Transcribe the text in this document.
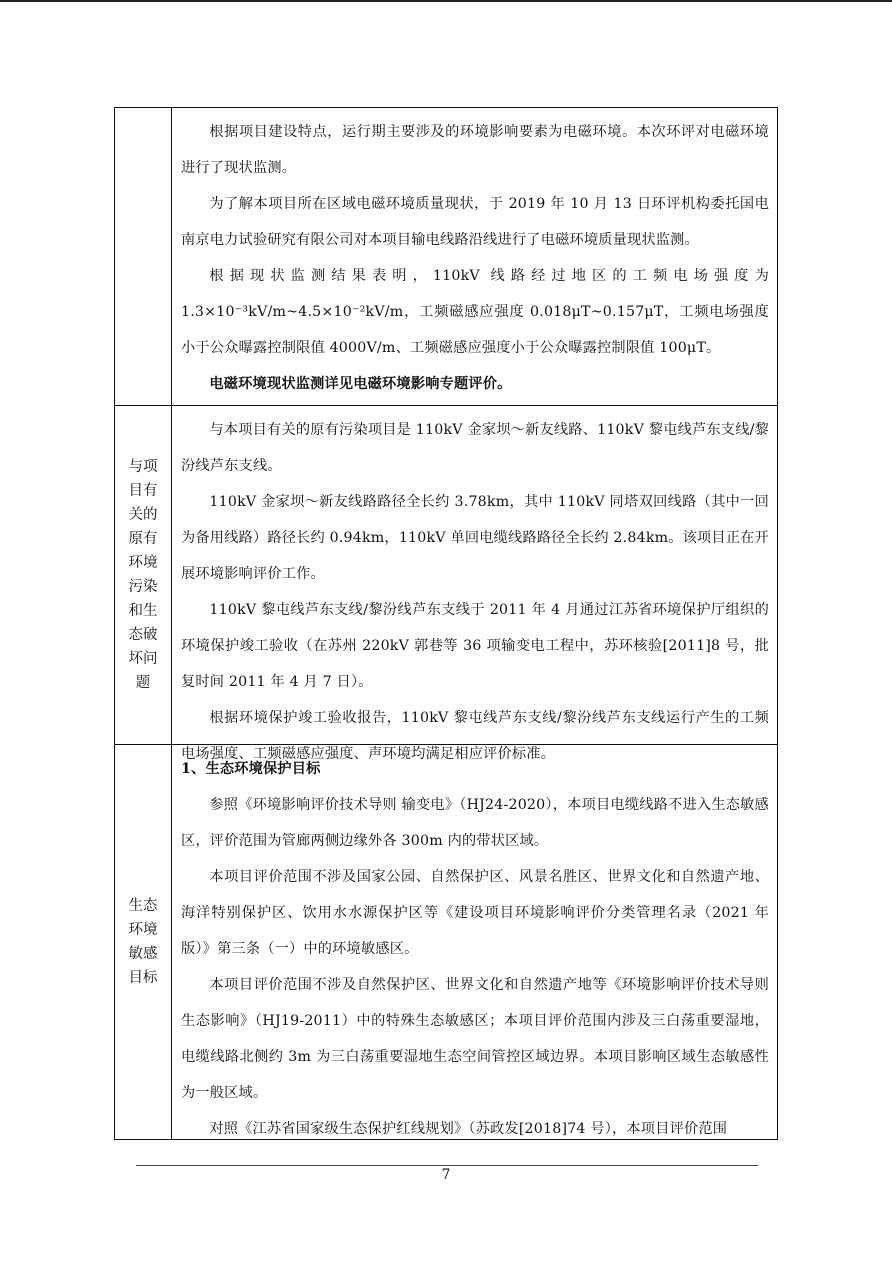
根据项目建设特点，运行期主要涉及的环境影响要素为电磁环境。本次环评对电磁环境进行了现状监测。

为了解本项目所在区域电磁环境质量现状，于 2019 年 10 月 13 日环评机构委托国电南京电力试验研究有限公司对本项目输电线路沿线进行了电磁环境质量现状监测。

根据现状监测结果表明，110kV 线路经过地区的工频电场强度为 1.3×10⁻³kV/m~4.5×10⁻²kV/m，工频磁感应强度 0.018μT~0.157μT，工频电场强度小于公众曝露控制限值 4000V/m、工频磁感应强度小于公众曝露控制限值 100μT。

电磁环境现状监测详见电磁环境影响专题评价。

与项目有关的原有环境污染和生态破坏问题

与本项目有关的原有污染项目是 110kV 金家坝～新友线路、110kV 黎屯线芦东支线/黎汾线芦东支线。

110kV 金家坝～新友线路路径全长约 3.78km，其中 110kV 同塔双回线路（其中一回为备用线路）路径长约 0.94km，110kV 单回电缆线路路径全长约 2.84km。该项目正在开展环境影响评价工作。

110kV 黎屯线芦东支线/黎汾线芦东支线于 2011 年 4 月通过江苏省环境保护厅组织的环境保护竣工验收（在苏州 220kV 郭巷等 36 项输变电工程中，苏环核验[2011]8 号，批复时间 2011 年 4 月 7 日）。

根据环境保护竣工验收报告，110kV 黎屯线芦东支线/黎汾线芦东支线运行产生的工频电场强度、工频磁感应强度、声环境均满足相应评价标准。

生态环境敏感目标

1、生态环境保护目标

参照《环境影响评价技术导则 输变电》（HJ24-2020），本项目电缆线路不进入生态敏感区，评价范围为管廊两侧边缘外各 300m 内的带状区域。

本项目评价范围不涉及国家公园、自然保护区、风景名胜区、世界文化和自然遗产地、海洋特别保护区、饮用水水源保护区等《建设项目环境影响评价分类管理名录（2021 年版）》第三条（一）中的环境敏感区。

本项目评价范围不涉及自然保护区、世界文化和自然遗产地等《环境影响评价技术导则 生态影响》（HJ19-2011）中的特殊生态敏感区；本项目评价范围内涉及三白荡重要湿地，电缆线路北侧约 3m 为三白荡重要湿地生态空间管控区域边界。本项目影响区域生态敏感性为一般区域。

对照《江苏省国家级生态保护红线规划》（苏政发[2018]74 号），本项目评价范围

7
